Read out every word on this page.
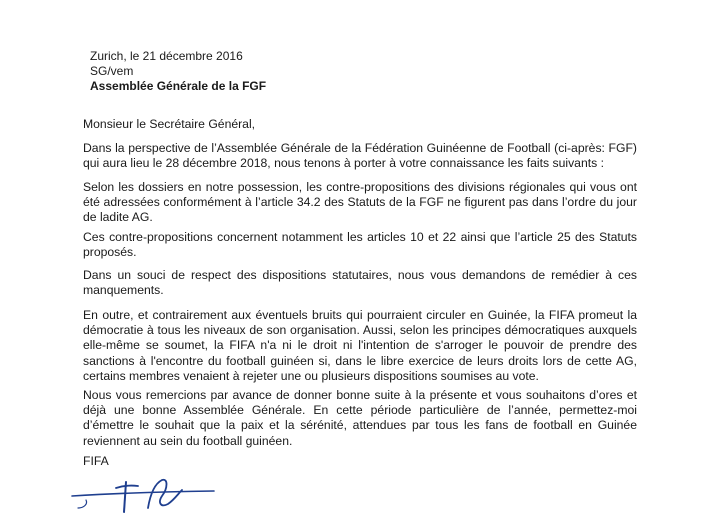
Zurich, le 21 décembre 2016
SG/vem
Assemblée Générale de la FGF
Monsieur le Secrétaire Général,

Dans la perspective de l’Assemblée Générale de la Fédération Guinéenne de Football (ci-après: FGF) qui aura lieu le 28 décembre 2018, nous tenons à porter à votre connaissance les faits suivants :

Selon les dossiers en notre possession, les contre-propositions des divisions régionales qui vous ont été adressées conformément à l’article 34.2 des Statuts de la FGF ne figurent pas dans l’ordre du jour de ladite AG.

Ces contre-propositions concernent notamment les articles 10 et 22 ainsi que l’article 25 des Statuts proposés.

Dans un souci de respect des dispositions statutaires, nous vous demandons de remédier à ces manquements.

En outre, et contrairement aux éventuels bruits qui pourraient circuler en Guinée, la FIFA promeut la démocratie à tous les niveaux de son organisation. Aussi, selon les principes démocratiques auxquels elle-même se soumet, la FIFA n'a ni le droit ni l'intention de s'arroger le pouvoir de prendre des sanctions à l'encontre du football guinéen si, dans le libre exercice de leurs droits lors de cette AG, certains membres venaient à rejeter une ou plusieurs dispositions soumises au vote.

Nous vous remercions par avance de donner bonne suite à la présente et vous souhaitons d’ores et déjà une bonne Assemblée Générale. En cette période particulière de l’année, permettez-moi d’émettre le souhait que la paix et la sérénité, attendues par tous les fans de football en Guinée reviennent au sein du football guinéen.

FIFA
